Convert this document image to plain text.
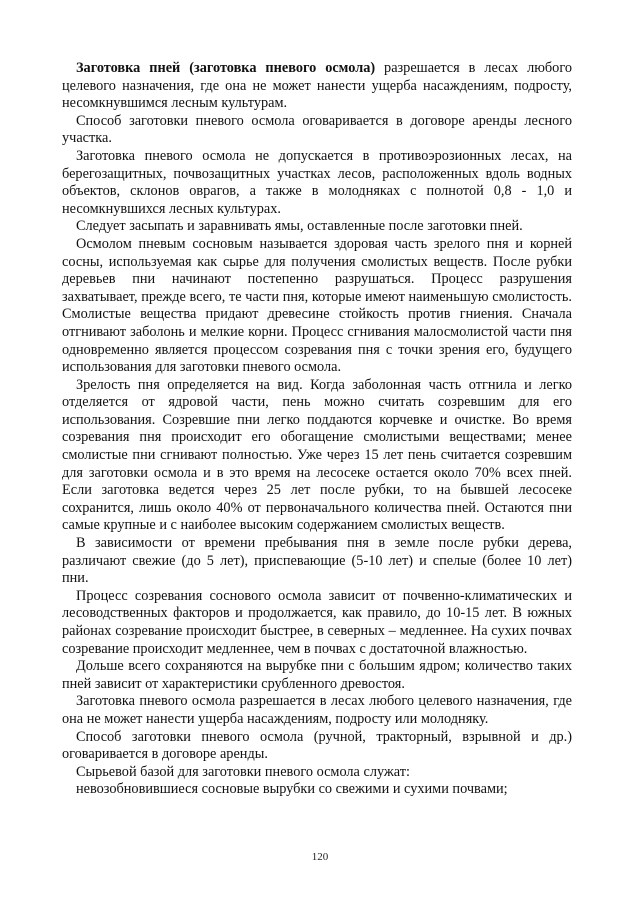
Заготовка пней (заготовка пневого осмола) разрешается в лесах любого целевого назначения, где она не может нанести ущерба насаждениям, подросту, несомкнувшимся лесным культурам.

Способ заготовки пневого осмола оговаривается в договоре аренды лесного участка.

Заготовка пневого осмола не допускается в противоэрозионных лесах, на берегозащитных, почвозащитных участках лесов, расположенных вдоль водных объектов, склонов оврагов, а также в молодняках с полнотой 0,8 - 1,0 и несомкнувшихся лесных культурах.

Следует засыпать и заравнивать ямы, оставленные после заготовки пней.

Осмолом пневым сосновым называется здоровая часть зрелого пня и корней сосны, используемая как сырье для получения смолистых веществ. После рубки деревьев пни начинают постепенно разрушаться. Процесс разрушения захватывает, прежде всего, те части пня, которые имеют наименьшую смолистость. Смолистые вещества придают древесине стойкость против гниения. Сначала отгнивают заболонь и мелкие корни. Процесс сгнивания малосмолистой части пня одновременно является процессом созревания пня с точки зрения его, будущего использования для заготовки пневого осмола.

Зрелость пня определяется на вид. Когда заболонная часть отгнила и легко отделяется от ядровой части, пень можно считать созревшим для его использования. Созревшие пни легко поддаются корчевке и очистке. Во время созревания пня происходит его обогащение смолистыми веществами; менее смолистые пни сгнивают полностью. Уже через 15 лет пень считается созревшим для заготовки осмола и в это время на лесосеке остается около 70% всех пней. Если заготовка ведется через 25 лет после рубки, то на бывшей лесосеке сохранится, лишь около 40% от первоначального количества пней. Остаются пни самые крупные и с наиболее высоким содержанием смолистых веществ.

В зависимости от времени пребывания пня в земле после рубки дерева, различают свежие (до 5 лет), приспевающие (5-10 лет) и спелые (более 10 лет) пни.

Процесс созревания соснового осмола зависит от почвенно-климатических и лесоводственных факторов и продолжается, как правило, до 10-15 лет. В южных районах созревание происходит быстрее, в северных – медленнее. На сухих почвах созревание происходит медленнее, чем в почвах с достаточной влажностью.

Дольше всего сохраняются на вырубке пни с большим ядром; количество таких пней зависит от характеристики срубленного древостоя.

Заготовка пневого осмола разрешается в лесах любого целевого назначения, где она не может нанести ущерба насаждениям, подросту или молодняку.

Способ заготовки пневого осмола (ручной, тракторный, взрывной и др.) оговаривается в договоре аренды.

Сырьевой базой для заготовки пневого осмола служат:

невозобновившиеся сосновые вырубки со свежими и сухими почвами;

120
